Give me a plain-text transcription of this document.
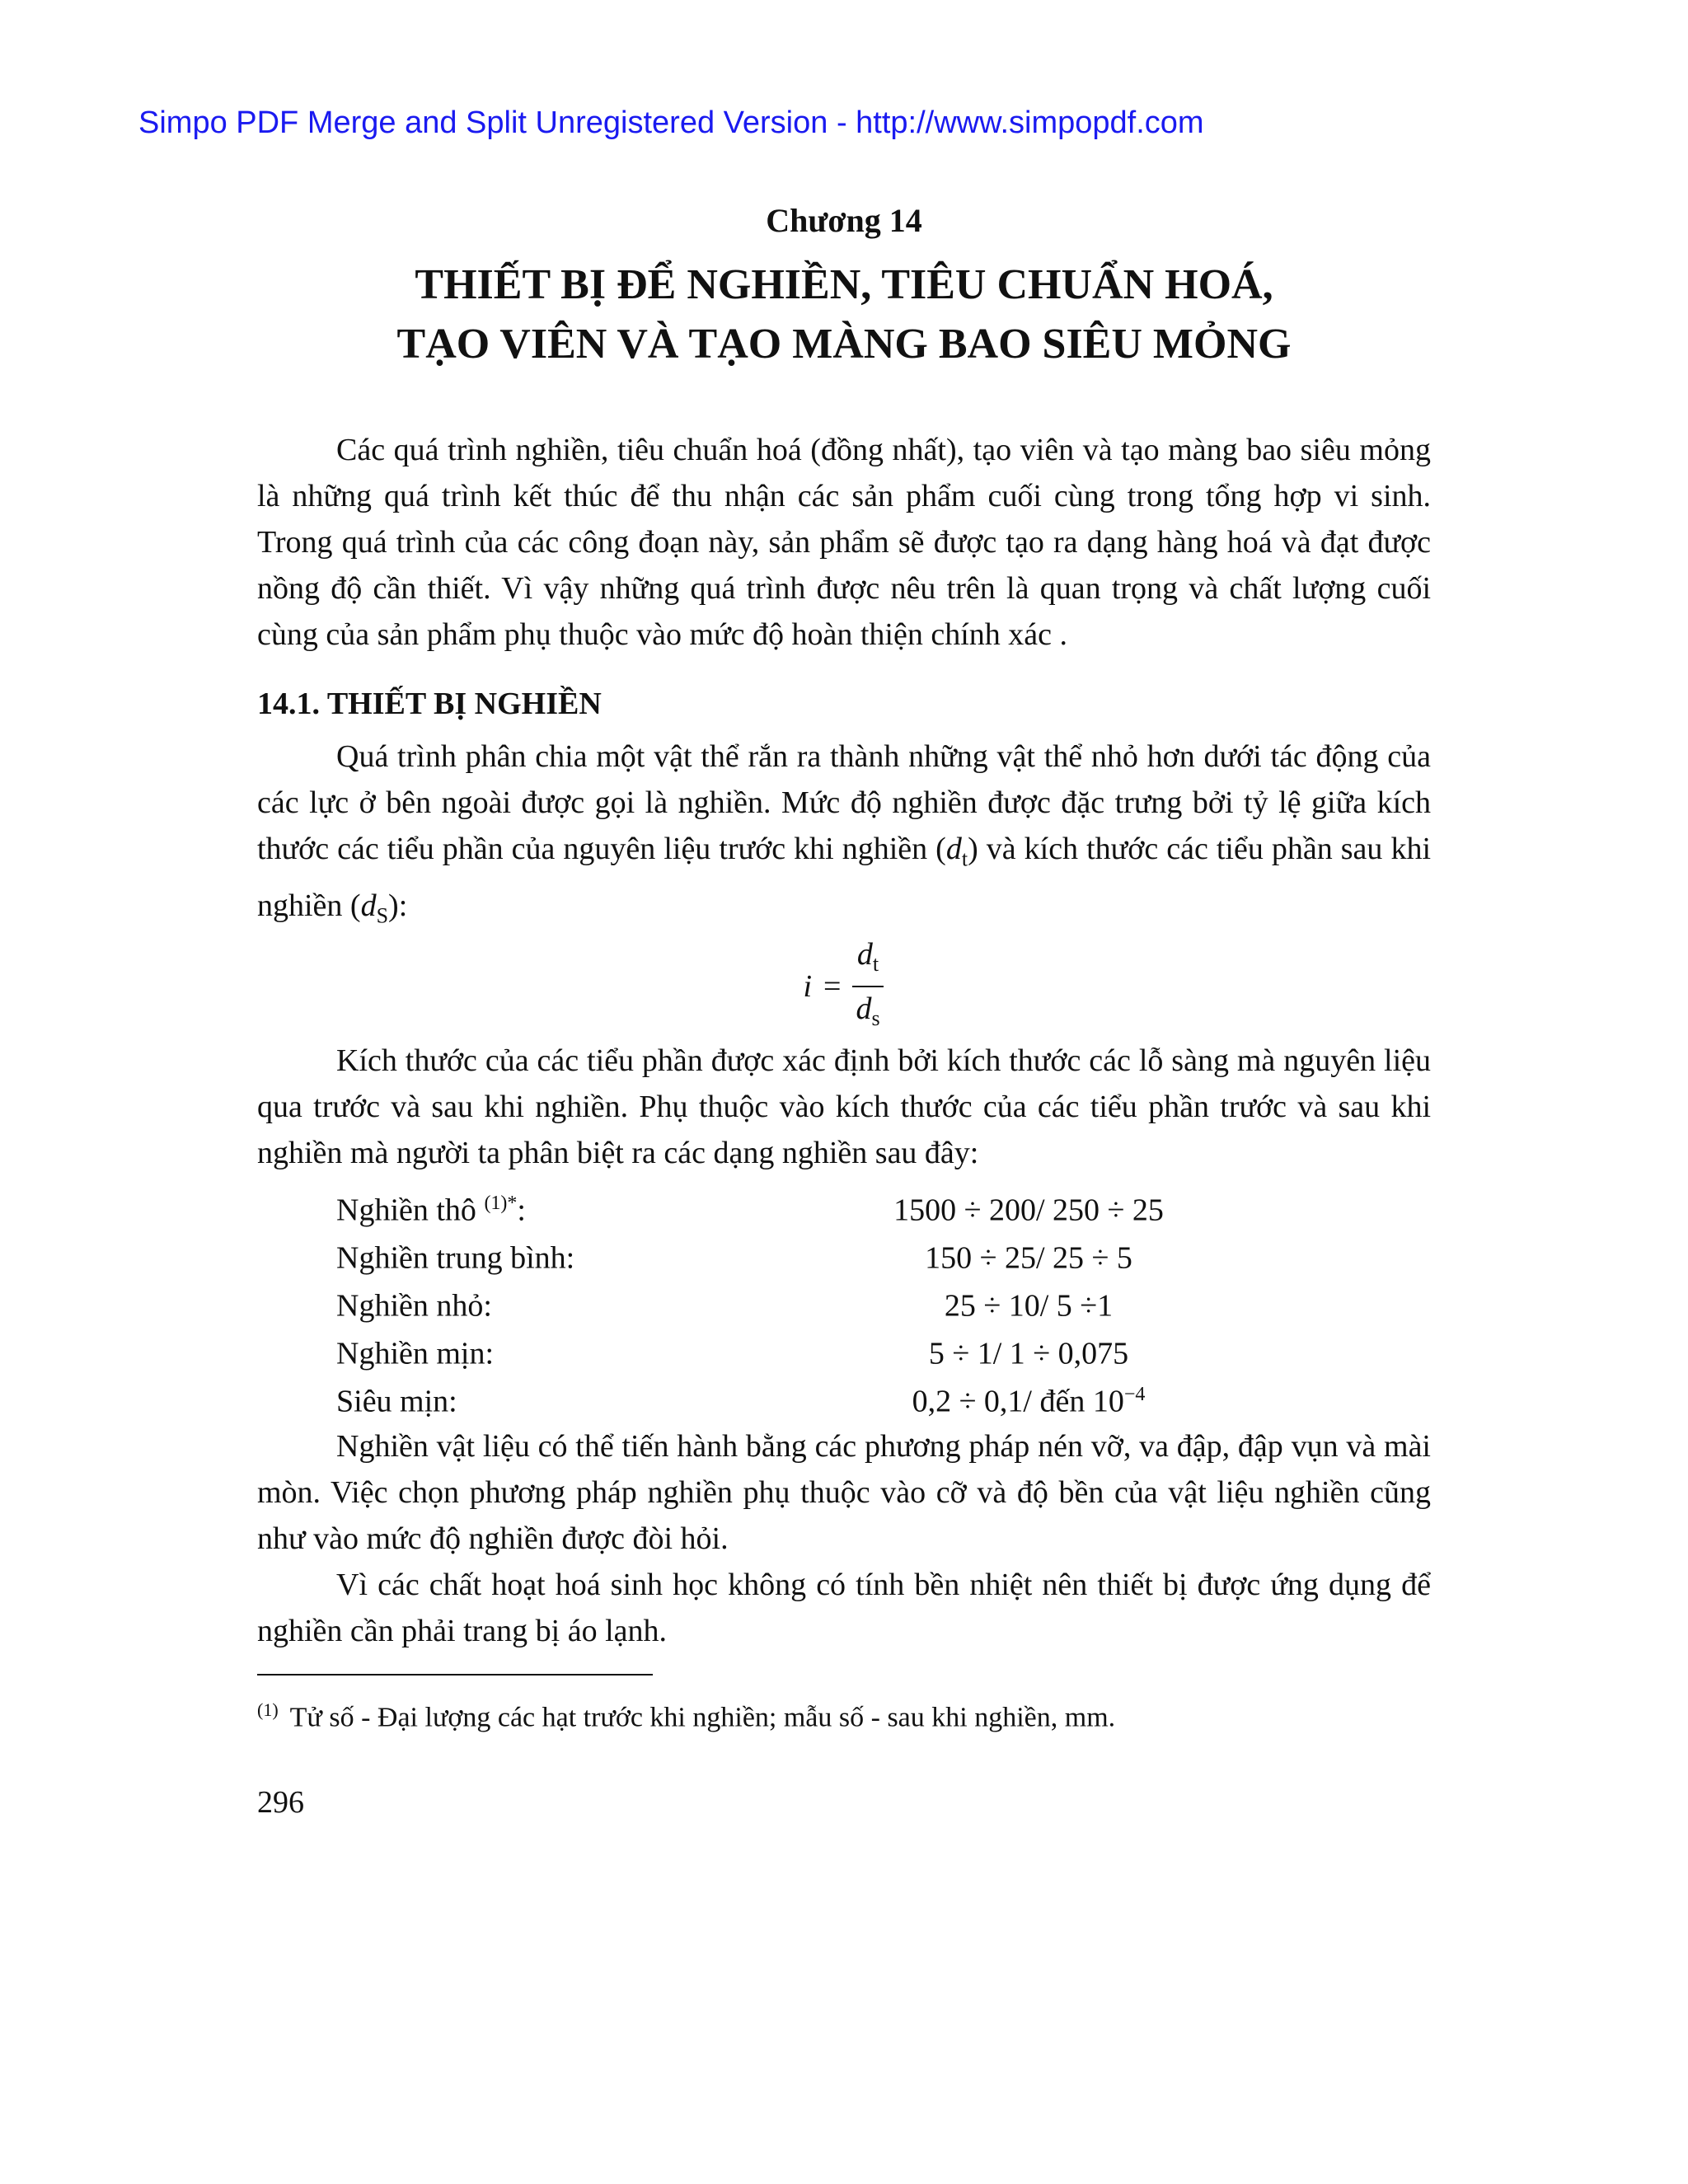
Simpo PDF Merge and Split Unregistered Version - http://www.simpopdf.com

Chương 14

THIẾT BỊ ĐỂ NGHIỀN, TIÊU CHUẨN HOÁ,
TẠO VIÊN VÀ TẠO MÀNG BAO SIÊU MỎNG

Các quá trình nghiền, tiêu chuẩn hoá (đồng nhất), tạo viên và tạo màng bao siêu mỏng là những quá trình kết thúc để thu nhận các sản phẩm cuối cùng trong tổng hợp vi sinh. Trong quá trình của các công đoạn này, sản phẩm sẽ được tạo ra dạng hàng hoá và đạt được nồng độ cần thiết. Vì vậy những quá trình được nêu trên là quan trọng và chất lượng cuối cùng của sản phẩm phụ thuộc vào mức độ hoàn thiện chính xác .

14.1. THIẾT BỊ NGHIỀN

Quá trình phân chia một vật thể rắn ra thành những vật thể nhỏ hơn dưới tác động của các lực ở bên ngoài được gọi là nghiền. Mức độ nghiền được đặc trưng bởi tỷ lệ giữa kích thước các tiểu phần của nguyên liệu trước khi nghiền $(d_t)$ và kích thước các tiểu phần sau khi nghiền $(d_S)$:

$i = \frac{d_t}{d_s}$

Kích thước của các tiểu phần được xác định bởi kích thước các lỗ sàng mà nguyên liệu qua trước và sau khi nghiền. Phụ thuộc vào kích thước của các tiểu phần trước và sau khi nghiền mà người ta phân biệt ra các dạng nghiền sau đây:

Nghiền thô $^{(1)*}$:	1500 ÷ 200/ 250 ÷ 25
Nghiền trung bình:	150 ÷ 25/ 25 ÷ 5
Nghiền nhỏ:	25 ÷ 10/ 5 ÷1
Nghiền mịn:	5 ÷ 1/ 1 ÷ 0,075
Siêu mịn:	0,2 ÷ 0,1/ đến $10^{-4}$

Nghiền vật liệu có thể tiến hành bằng các phương pháp nén vỡ, va đập, đập vụn và mài mòn. Việc chọn phương pháp nghiền phụ thuộc vào cỡ và độ bền của vật liệu nghiền cũng như vào mức độ nghiền được đòi hỏi.

Vì các chất hoạt hoá sinh học không có tính bền nhiệt nên thiết bị được ứng dụng để nghiền cần phải trang bị áo lạnh.

$^{(1)}$ Tử số - Đại lượng các hạt trước khi nghiền; mẫu số - sau khi nghiền, mm.

296
